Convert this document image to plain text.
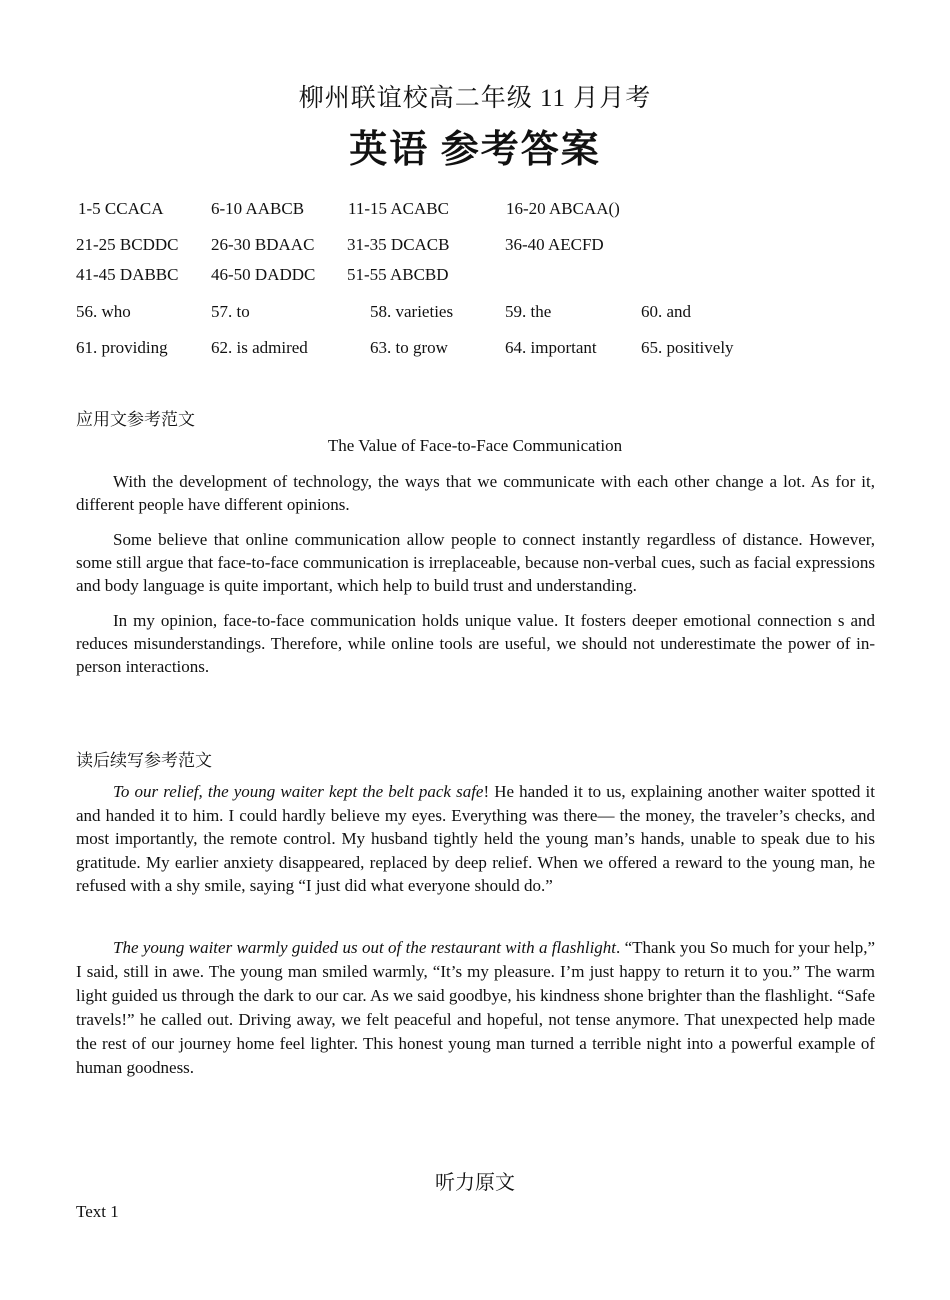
柳州联谊校高二年级 11 月月考
英语 参考答案
1-5 CCACA	6-10 AABCB	11-15 ACABC	16-20 ABCAA()
21-25 BCDDC 26-30 BDAAC 31-35 DCACB	36-40 AECFD
41-45 DABBC 46-50 DADDC 51-55 ABCBD
56. who	57. to	58. varieties	59. the	60. and
61. providing	62. is admired	63. to grow	64. important	65. positively
应用文参考范文
The Value of Face-to-Face Communication

With the development of technology, the ways that we communicate with each other change a lot. As for it, different people have different opinions.

Some believe that online communication allow people to connect instantly regardless of distance. However, some still argue that face-to-face communication is irreplaceable, because non-verbal cues, such as facial expressions and body language is quite important, which help to build trust and understanding.

In my opinion, face-to-face communication holds unique value. It fosters deeper emotional connection s and reduces misunderstandings. Therefore, while online tools are useful, we should not underestimate the power of in-person interactions.

读后续写参考范文

To our relief, the young waiter kept the belt pack safe! He handed it to us, explaining another waiter spotted it and handed it to him. I could hardly believe my eyes. Everything was there— the money, the traveler’s checks, and most importantly, the remote control. My husband tightly held the young man’s hands, unable to speak due to his gratitude. My earlier anxiety disappeared, replaced by deep relief. When we offered a reward to the young man, he refused with a shy smile, saying “I just did what everyone should do.”

The young waiter warmly guided us out of the restaurant with a flashlight. “Thank you So much for your help,” I said, still in awe. The young man smiled warmly, “It’s my pleasure. I’m just happy to return it to you.” The warm light guided us through the dark to our car. As we said goodbye, his kindness shone brighter than the flashlight. “Safe travels!” he called out. Driving away, we felt peaceful and hopeful, not tense anymore. That unexpected help made the rest of our journey home feel lighter. This honest young man turned a terrible night into a powerful example of human goodness.

听力原文
Text 1
